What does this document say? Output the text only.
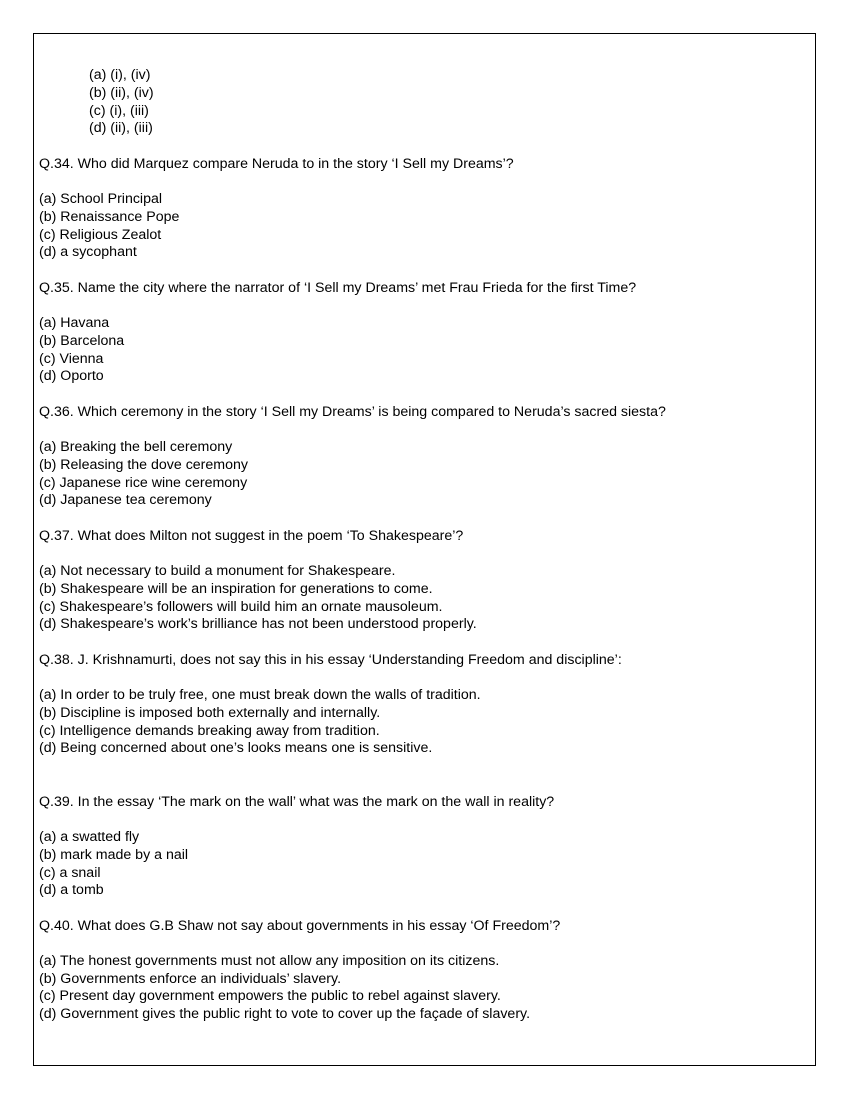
(a) (i), (iv)
(b) (ii), (iv)
(c) (i), (iii)
(d) (ii), (iii)
Q.34. Who did Marquez compare Neruda to in the story ‘I Sell my Dreams’?
(a) School Principal
(b) Renaissance Pope
(c) Religious Zealot
(d) a sycophant
Q.35. Name the city where the narrator of ‘I Sell my Dreams’ met Frau Frieda for the first Time?
(a) Havana
(b) Barcelona
(c) Vienna
(d) Oporto
Q.36. Which ceremony in the story ‘I Sell my Dreams’ is being compared to Neruda’s sacred siesta?
(a) Breaking the bell ceremony
(b) Releasing the dove ceremony
(c) Japanese rice wine ceremony
(d) Japanese tea ceremony
Q.37. What does Milton not suggest in the poem ‘To Shakespeare’?
(a) Not necessary to build a monument for Shakespeare.
(b) Shakespeare will be an inspiration for generations to come.
(c) Shakespeare’s followers will build him an ornate mausoleum.
(d) Shakespeare’s work’s brilliance has not been understood properly.
Q.38. J. Krishnamurti, does not say this in his essay ‘Understanding Freedom and discipline’:
(a) In order to be truly free, one must break down the walls of tradition.
(b) Discipline is imposed both externally and internally.
(c) Intelligence demands breaking away from tradition.
(d) Being concerned about one’s looks means one is sensitive.
Q.39. In the essay ‘The mark on the wall’ what was the mark on the wall in reality?
(a) a swatted fly
(b) mark made by a nail
(c) a snail
(d) a tomb
Q.40. What does G.B Shaw not say about governments in his essay ‘Of Freedom’?
(a) The honest governments must not allow any imposition on its citizens.
(b) Governments enforce an individuals’ slavery.
(c) Present day government empowers the public to rebel against slavery.
(d) Government gives the public right to vote to cover up the façade of slavery.
